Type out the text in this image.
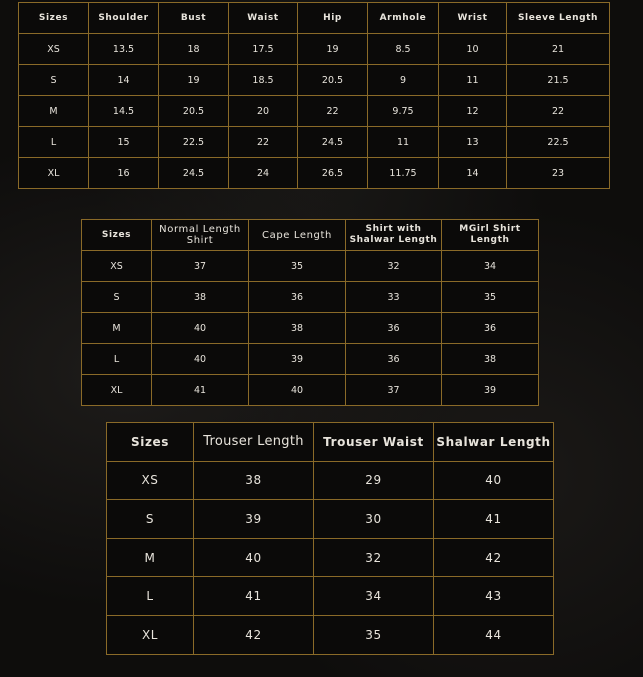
Sizes	Shoulder	Bust	Waist	Hip	Armhole	Wrist	Sleeve Length
XS	13.5	18	17.5	19	8.5	10	21
S	14	19	18.5	20.5	9	11	21.5
M	14.5	20.5	20	22	9.75	12	22
L	15	22.5	22	24.5	11	13	22.5
XL	16	24.5	24	26.5	11.75	14	23
Sizes	Normal Length Shirt	Cape Length	Shirt with Shalwar Length	MGirl Shirt Length
XS	37	35	32	34
S	38	36	33	35
M	40	38	36	36
L	40	39	36	38
XL	41	40	37	39
Sizes	Trouser Length	Trouser Waist	Shalwar Length
XS	38	29	40
S	39	30	41
M	40	32	42
L	41	34	43
XL	42	35	44
